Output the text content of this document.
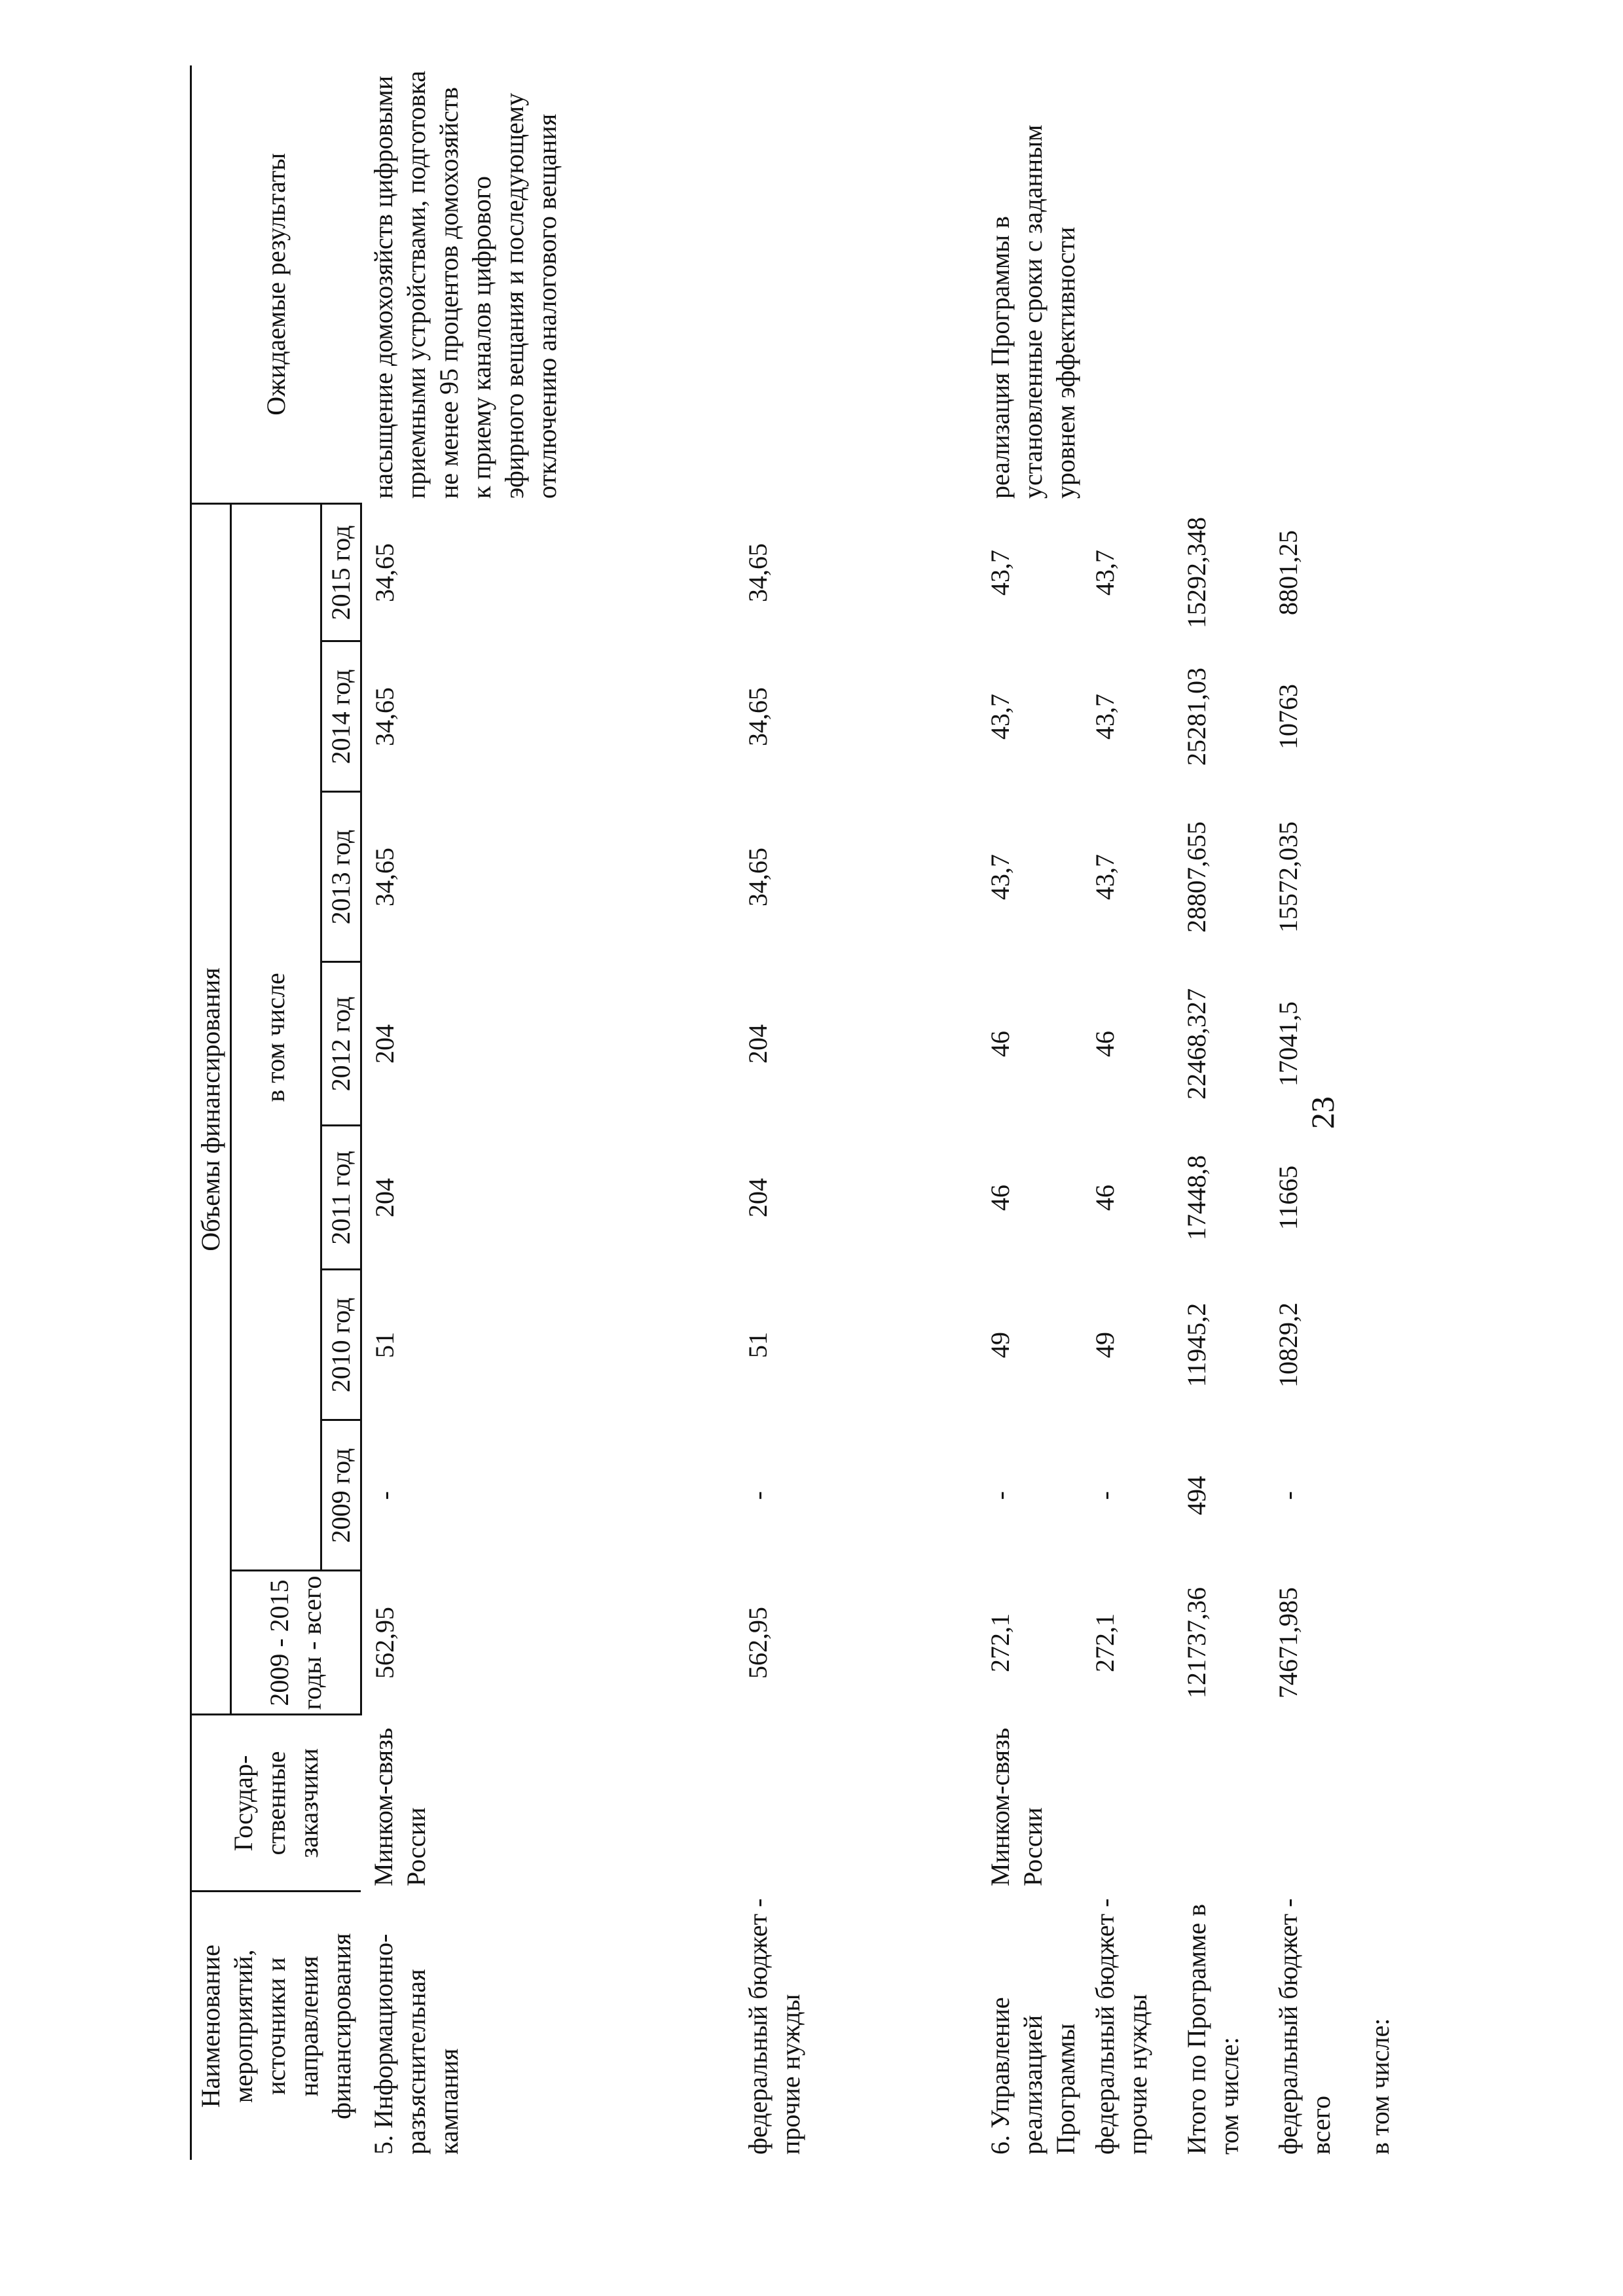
Наименование мероприятий, источники и направления финансирования	Государ-ственные заказчики	Объемы финансирования								Ожидаемые результаты
		2009 - 2015 годы - всего	в том числе							
			2009 год	2010 год	2011 год	2012 год	2013 год	2014 год	2015 год	
5. Информационно-разъяснительная кампания	Минком-связь России	562,95	-	51	204	204	34,65	34,65	34,65	насыщение домохозяйств цифровыми приемными устройствами, подготовка не менее 95 процентов домохозяйств к приему каналов цифрового эфирного вещания и последующему отключению аналогового вещания
федеральный бюджет - прочие нужды		562,95	-	51	204	204	34,65	34,65	34,65	
6. Управление реализацией Программы	Минком-связь России	272,1	-	49	46	46	43,7	43,7	43,7	реализация Программы в установленные сроки с заданным уровнем эффективности
федеральный бюджет - прочие нужды		272,1	-	49	46	46	43,7	43,7	43,7	
Итого по Программе в том числе:		121737,36	494	11945,2	17448,8	22468,327	28807,655	25281,03	15292,348	
федеральный бюджет - всего		74671,985	-	10829,2	11665	17041,5	15572,035	10763	8801,25	
в том числе:										
23
